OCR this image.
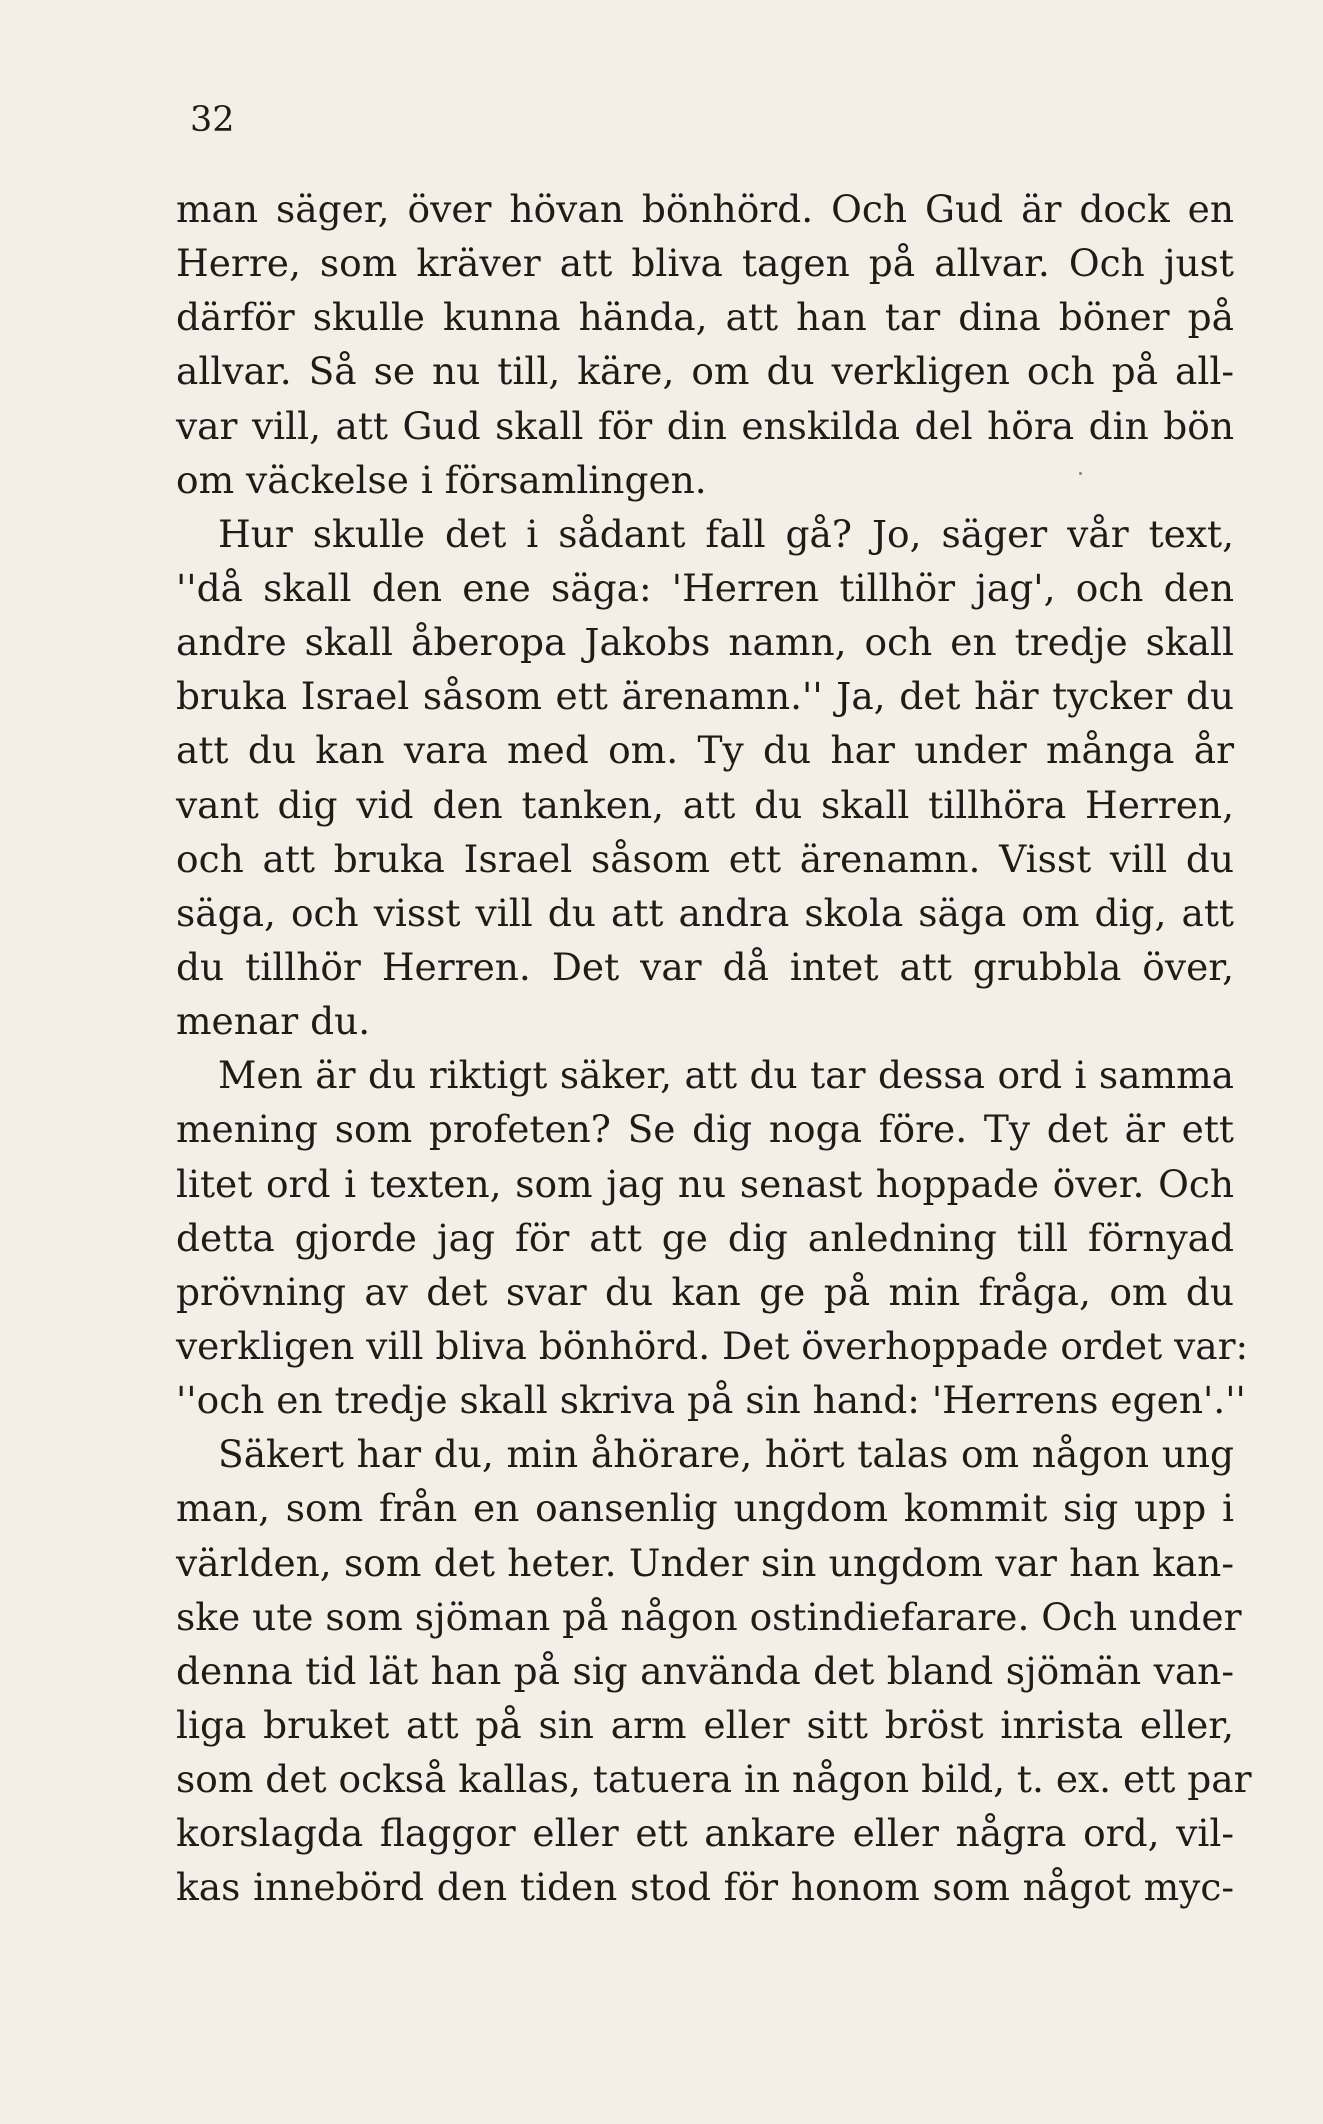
32
man säger, över hövan bönhörd. Och Gud är dock en
Herre, som kräver att bliva tagen på allvar. Och just
därför skulle kunna hända, att han tar dina böner på
allvar. Så se nu till, käre, om du verkligen och på all-
var vill, att Gud skall för din enskilda del höra din bön
om väckelse i församlingen.
Hur skulle det i sådant fall gå? Jo, säger vår text,
''då skall den ene säga: 'Herren tillhör jag', och den
andre skall åberopa Jakobs namn, och en tredje skall
bruka Israel såsom ett ärenamn.'' Ja, det här tycker du
att du kan vara med om. Ty du har under många år
vant dig vid den tanken, att du skall tillhöra Herren,
och att bruka Israel såsom ett ärenamn. Visst vill du
säga, och visst vill du att andra skola säga om dig, att
du tillhör Herren. Det var då intet att grubbla över,
menar du.
Men är du riktigt säker, att du tar dessa ord i samma
mening som profeten? Se dig noga före. Ty det är ett
litet ord i texten, som jag nu senast hoppade över. Och
detta gjorde jag för att ge dig anledning till förnyad
prövning av det svar du kan ge på min fråga, om du
verkligen vill bliva bönhörd. Det överhoppade ordet var:
''och en tredje skall skriva på sin hand: 'Herrens egen'.''
Säkert har du, min åhörare, hört talas om någon ung
man, som från en oansenlig ungdom kommit sig upp i
världen, som det heter. Under sin ungdom var han kan-
ske ute som sjöman på någon ostindiefarare. Och under
denna tid lät han på sig använda det bland sjömän van-
liga bruket att på sin arm eller sitt bröst inrista eller,
som det också kallas, tatuera in någon bild, t. ex. ett par
korslagda flaggor eller ett ankare eller några ord, vil-
kas innebörd den tiden stod för honom som något myc-
